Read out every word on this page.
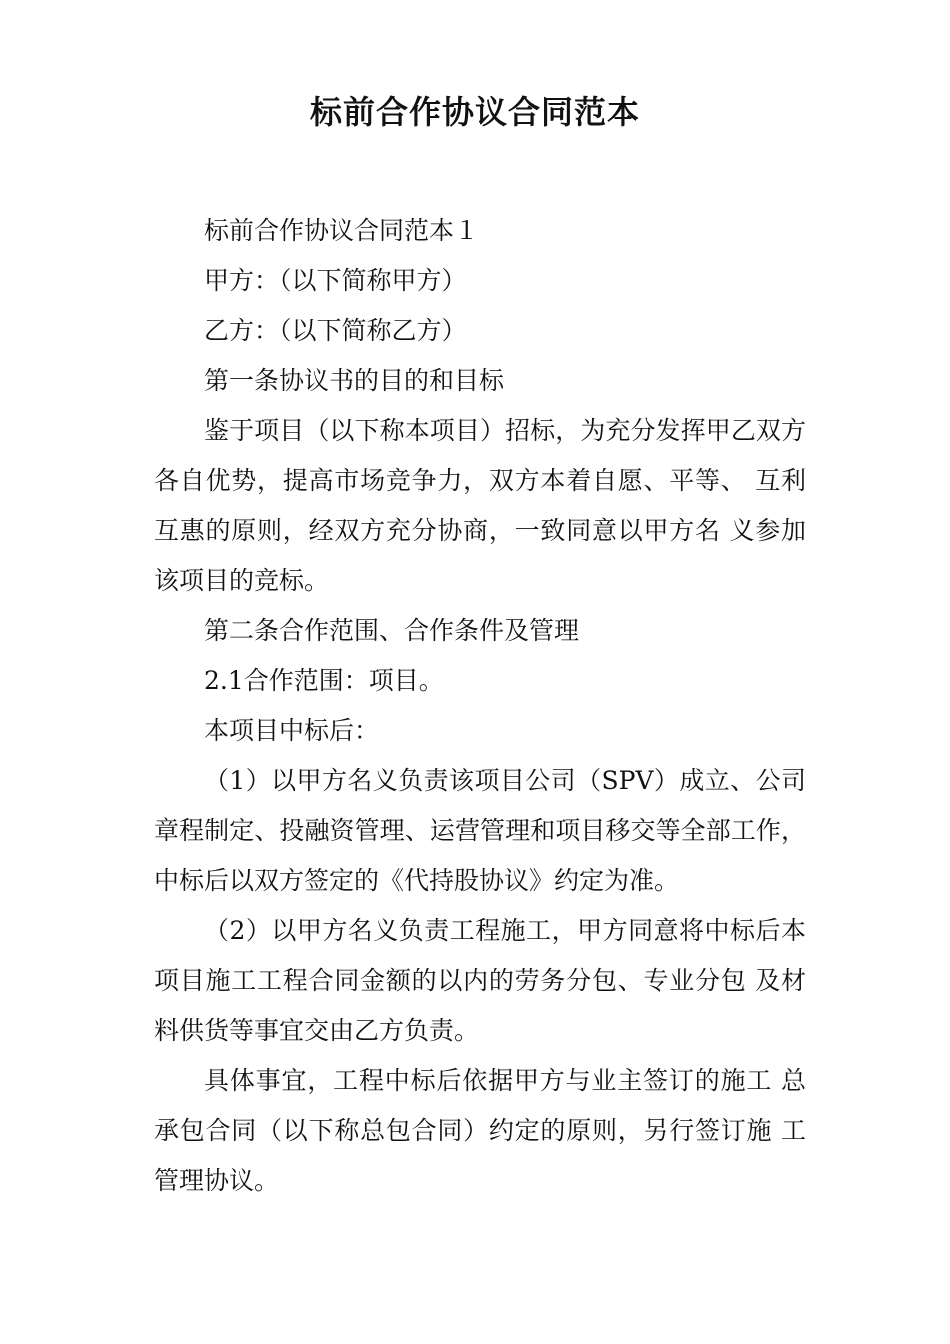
标前合作协议合同范本

标前合作协议合同范本１

甲方：（以下简称甲方）

乙方：（以下简称乙方）

第一条协议书的目的和目标

鉴于项目（以下称本项目）招标，为充分发挥甲乙双方各自优势，提高市场竞争力，双方本着自愿、平等、 互利互惠的原则，经双方充分协商，一致同意以甲方名 义参加该项目的竞标。

第二条合作范围、合作条件及管理

2.1合作范围：项目。

本项目中标后：

（1）以甲方名义负责该项目公司（SPV）成立、公司章程制定、投融资管理、运营管理和项目移交等全部工作，中标后以双方签定的《代持股协议》约定为准。

（2）以甲方名义负责工程施工，甲方同意将中标后本项目施工工程合同金额的以内的劳务分包、专业分包 及材料供货等事宜交由乙方负责。

具体事宜，工程中标后依据甲方与业主签订的施工 总承包合同（以下称总包合同）约定的原则，另行签订施 工管理协议。
